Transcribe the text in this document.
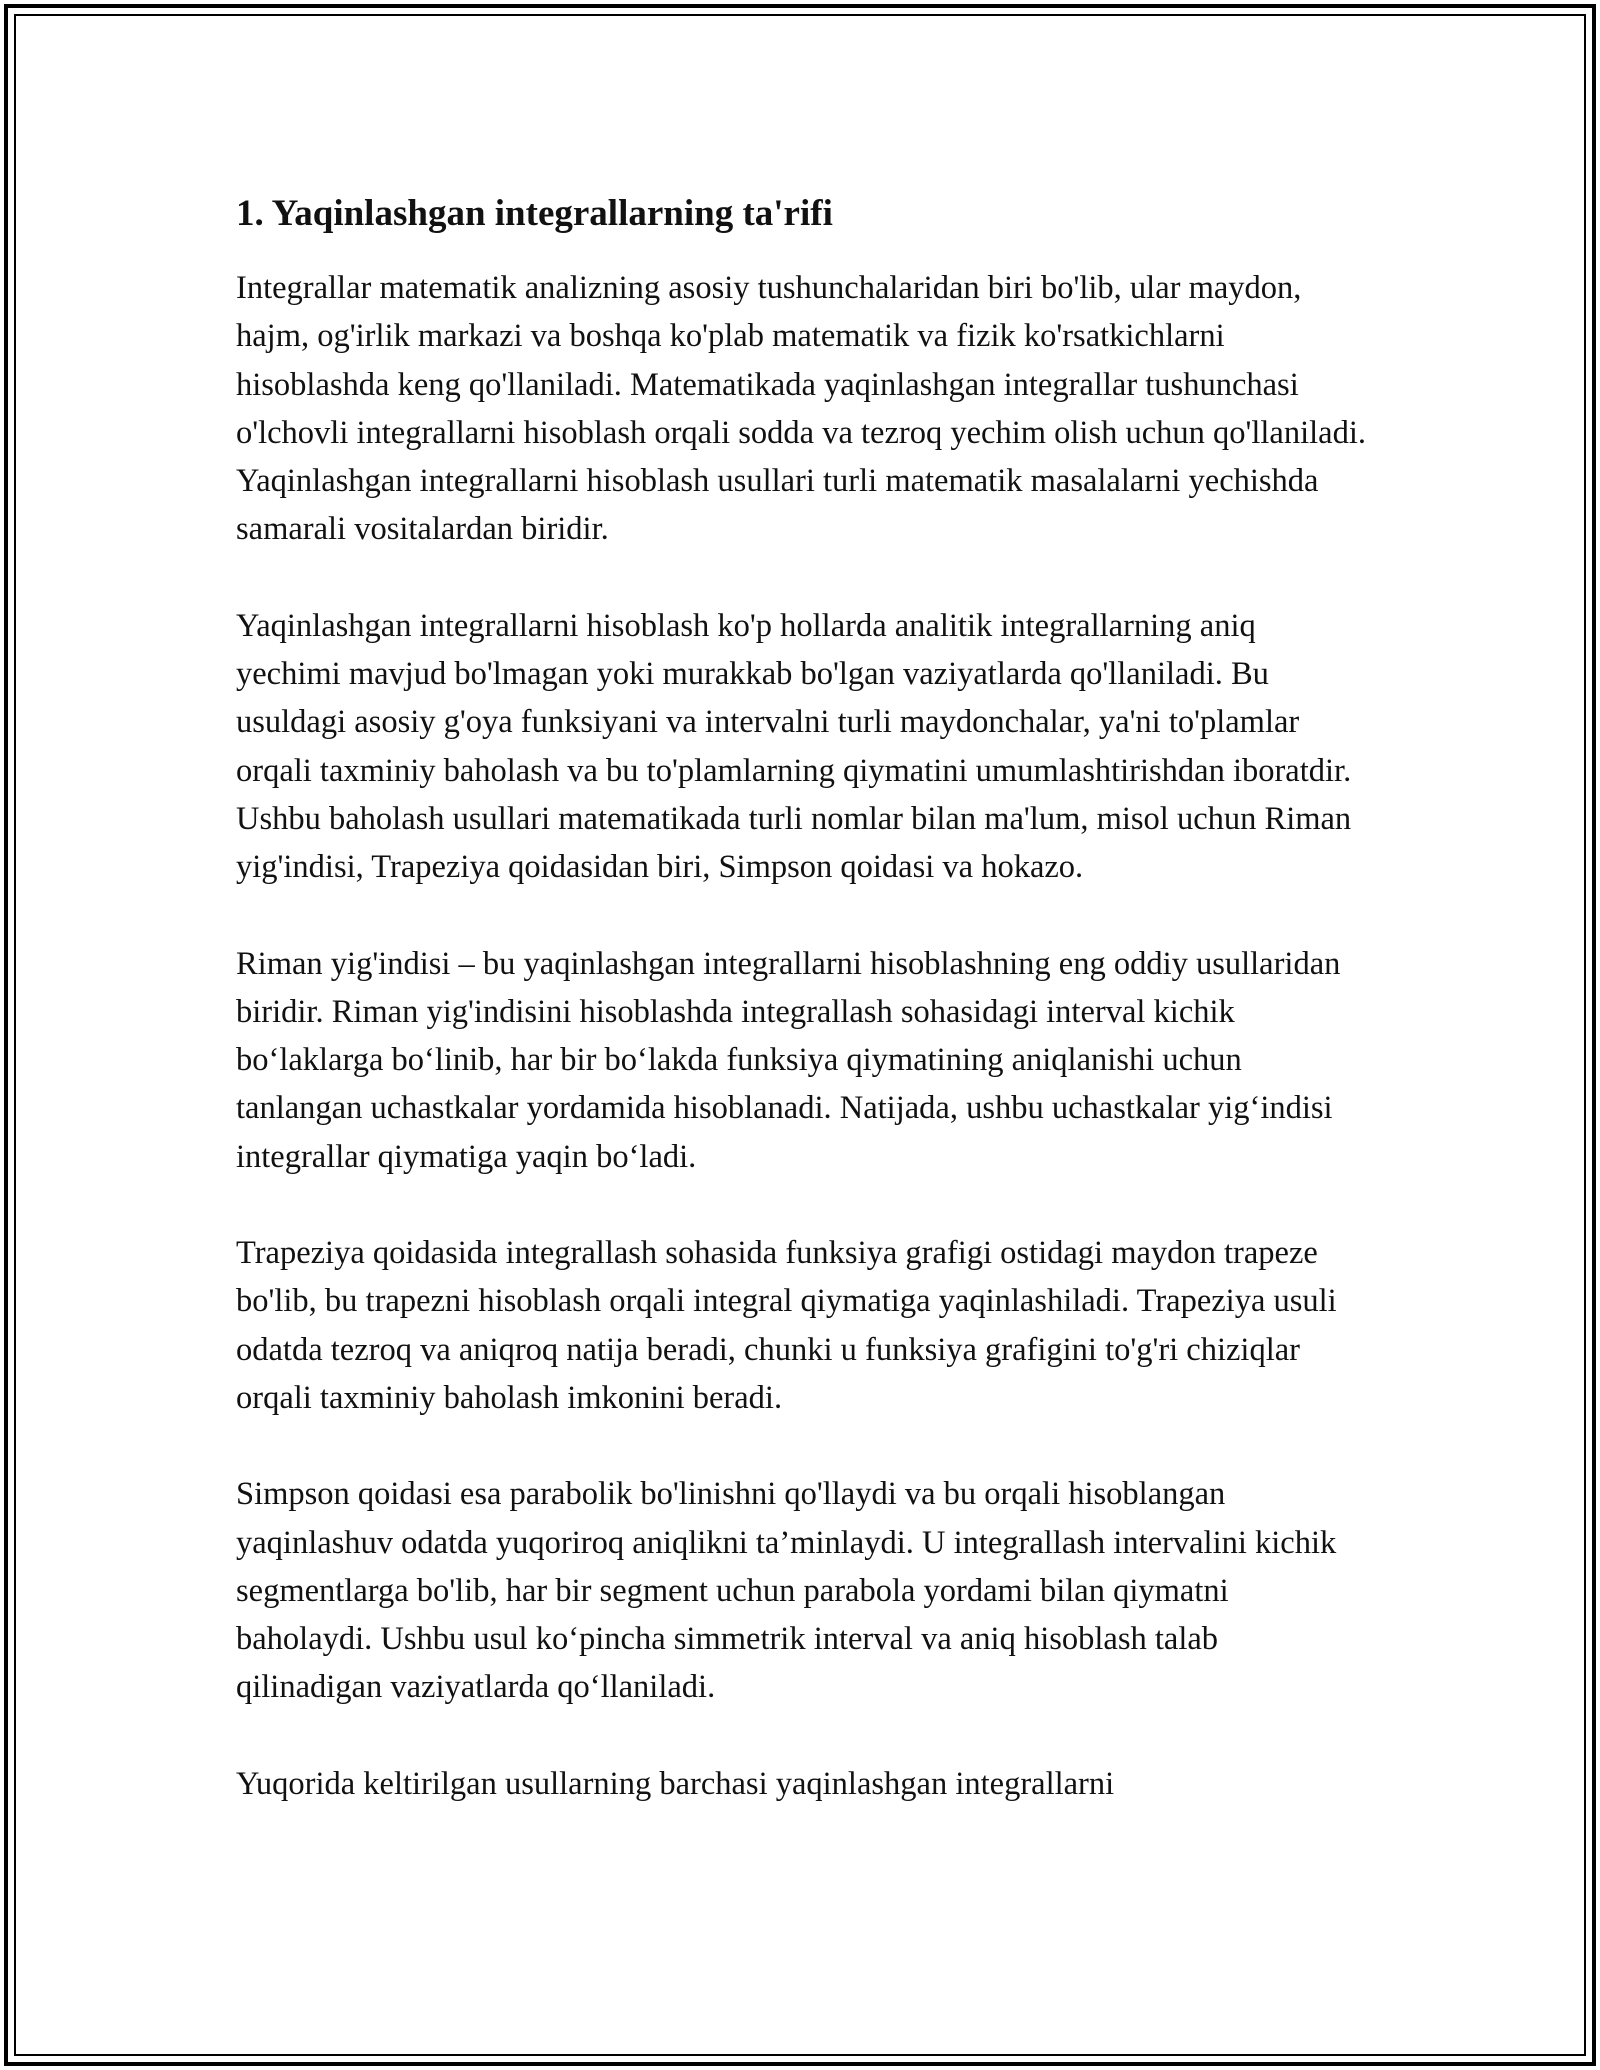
1. Yaqinlashgan integrallarning ta'rifi

Integrallar matematik analizning asosiy tushunchalaridan biri bo'lib, ular maydon, hajm, og'irlik markazi va boshqa ko'plab matematik va fizik ko'rsatkichlarni hisoblashda keng qo'llaniladi. Matematikada yaqinlashgan integrallar tushunchasi o'lchovli integrallarni hisoblash orqali sodda va tezroq yechim olish uchun qo'llaniladi. Yaqinlashgan integrallarni hisoblash usullari turli matematik masalalarni yechishda samarali vositalardan biridir.

Yaqinlashgan integrallarni hisoblash ko'p hollarda analitik integrallarning aniq yechimi mavjud bo'lmagan yoki murakkab bo'lgan vaziyatlarda qo'llaniladi. Bu usuldagi asosiy g'oya funksiyani va intervalni turli maydonchalar, ya'ni to'plamlar orqali taxminiy baholash va bu to'plamlarning qiymatini umumlashtirishdan iboratdir. Ushbu baholash usullari matematikada turli nomlar bilan ma'lum, misol uchun Riman yig'indisi, Trapeziya qoidasidan biri, Simpson qoidasi va hokazo.

Riman yig'indisi – bu yaqinlashgan integrallarni hisoblashning eng oddiy usullaridan biridir. Riman yig'indisini hisoblashda integrallash sohasidagi interval kichik bo‘laklarga bo‘linib, har bir bo‘lakda funksiya qiymatining aniqlanishi uchun tanlangan uchastkalar yordamida hisoblanadi. Natijada, ushbu uchastkalar yig‘indisi integrallar qiymatiga yaqin bo‘ladi.

Trapeziya qoidasida integrallash sohasida funksiya grafigi ostidagi maydon trapeze bo'lib, bu trapezni hisoblash orqali integral qiymatiga yaqinlashiladi. Trapeziya usuli odatda tezroq va aniqroq natija beradi, chunki u funksiya grafigini to'g'ri chiziqlar orqali taxminiy baholash imkonini beradi.

Simpson qoidasi esa parabolik bo'linishni qo'llaydi va bu orqali hisoblangan yaqinlashuv odatda yuqoriroq aniqlikni ta’minlaydi. U integrallash intervalini kichik segmentlarga bo'lib, har bir segment uchun parabola yordami bilan qiymatni baholaydi. Ushbu usul ko‘pincha simmetrik interval va aniq hisoblash talab qilinadigan vaziyatlarda qo‘llaniladi.

Yuqorida keltirilgan usullarning barchasi yaqinlashgan integrallarni
